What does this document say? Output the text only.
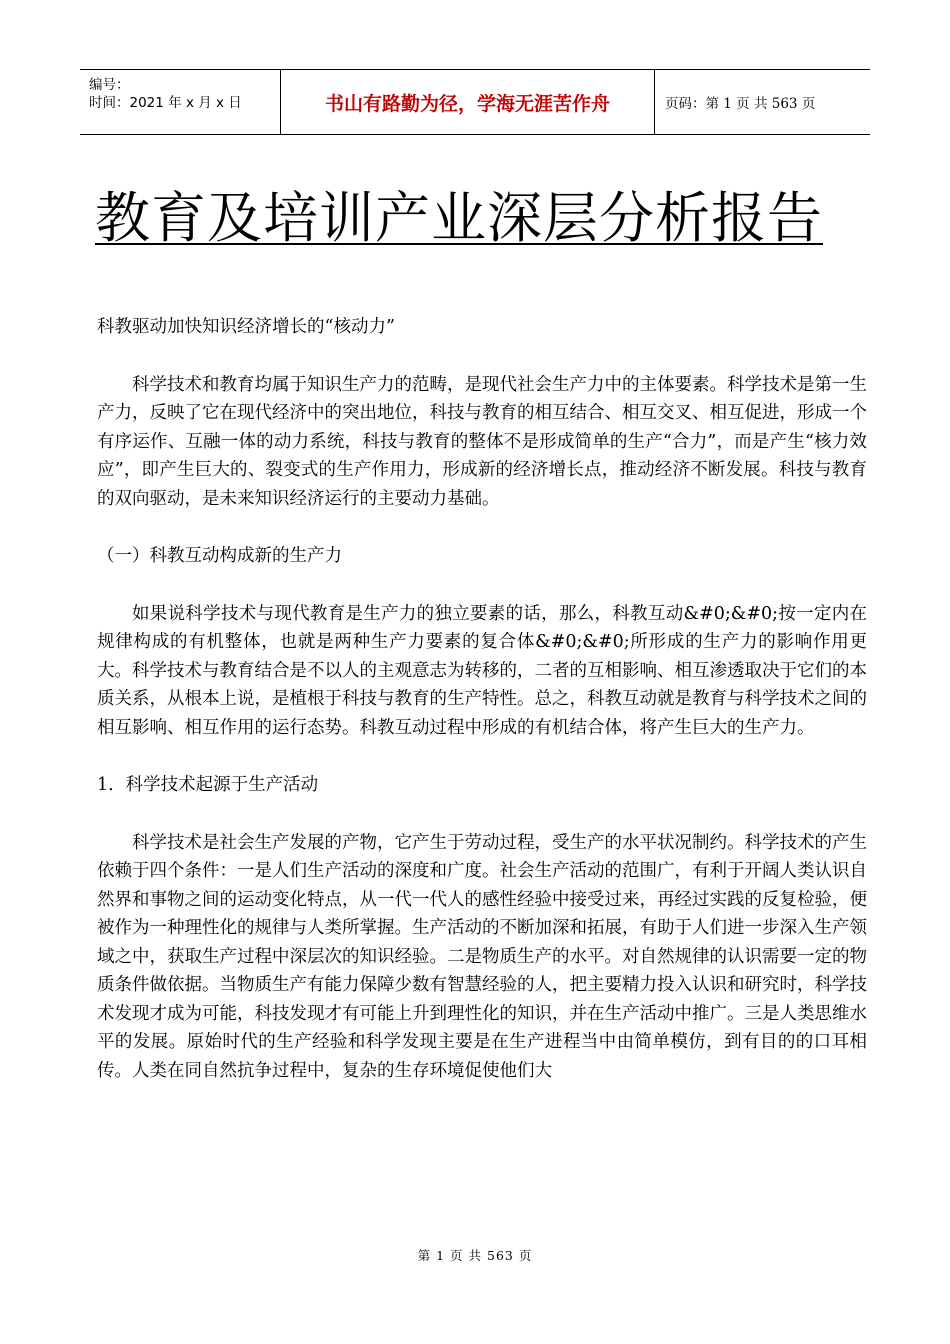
编号：
时间：2021 年 x 月 x 日	书山有路勤为径，学海无涯苦作舟	页码：第 1 页 共 563 页
教育及培训产业深层分析报告

科教驱动加快知识经济增长的“核动力”

科学技术和教育均属于知识生产力的范畴，是现代社会生产力中的主体要素。科学技术是第一生产力，反映了它在现代经济中的突出地位，科技与教育的相互结合、相互交叉、相互促进，形成一个有序运作、互融一体的动力系统，科技与教育的整体不是形成简单的生产“合力”，而是产生“核力效应”，即产生巨大的、裂变式的生产作用力，形成新的经济增长点，推动经济不断发展。科技与教育的双向驱动，是未来知识经济运行的主要动力基础。

（一）科教互动构成新的生产力

如果说科学技术与现代教育是生产力的独立要素的话，那么，科教互动&#0;&#0;按一定内在规律构成的有机整体，也就是两种生产力要素的复合体&#0;&#0;所形成的生产力的影响作用更大。科学技术与教育结合是不以人的主观意志为转移的，二者的互相影响、相互渗透取决于它们的本质关系，从根本上说，是植根于科技与教育的生产特性。总之，科教互动就是教育与科学技术之间的相互影响、相互作用的运行态势。科教互动过程中形成的有机结合体，将产生巨大的生产力。

1．科学技术起源于生产活动

科学技术是社会生产发展的产物，它产生于劳动过程，受生产的水平状况制约。科学技术的产生依赖于四个条件：一是人们生产活动的深度和广度。社会生产活动的范围广，有利于开阔人类认识自然界和事物之间的运动变化特点，从一代一代人的感性经验中接受过来，再经过实践的反复检验，便被作为一种理性化的规律与人类所掌握。生产活动的不断加深和拓展，有助于人们进一步深入生产领域之中，获取生产过程中深层次的知识经验。二是物质生产的水平。对自然规律的认识需要一定的物质条件做依据。当物质生产有能力保障少数有智慧经验的人，把主要精力投入认识和研究时，科学技术发现才成为可能，科技发现才有可能上升到理性化的知识，并在生产活动中推广。三是人类思维水平的发展。原始时代的生产经验和科学发现主要是在生产进程当中由简单模仿，到有目的的口耳相传。人类在同自然抗争过程中，复杂的生存环境促使他们大

第 1 页 共 563 页
